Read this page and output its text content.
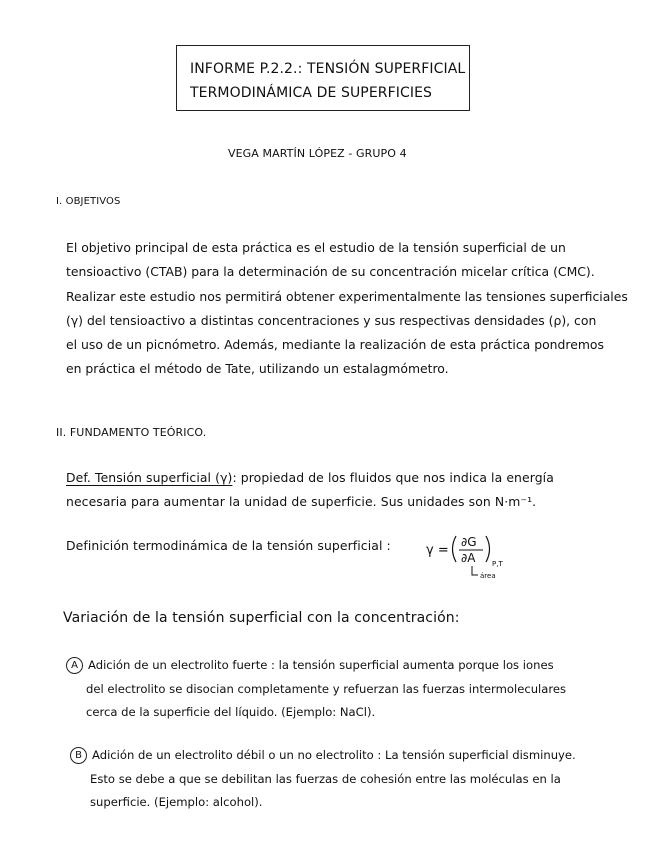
INFORME P.2.2.: TENSIÓN SUPERFICIAL
TERMODINÁMICA DE SUPERFICIES
VEGA MARTÍN LÓPEZ - GRUPO 4
I. OBJETIVOS
El objetivo principal de esta práctica es el estudio de la tensión superficial de un
tensioactivo (CTAB) para la determinación de su concentración micelar crítica (CMC).
Realizar este estudio nos permitirá obtener experimentalmente las tensiones superficiales
(γ) del tensioactivo a distintas concentraciones y sus respectivas densidades (ρ), con
el uso de un picnómetro. Además, mediante la realización de esta práctica pondremos
en práctica el método de Tate, utilizando un estalagmómetro.
II. FUNDAMENTO TEÓRICO.
Def. Tensión superficial (γ): propiedad de los fluidos que nos indica la energía
necesaria para aumentar la unidad de superficie. Sus unidades son N·m⁻¹.
Definición termodinámica de la tensión superficial :	γ =
∂G
∂A P,T
área
Variación de la tensión superficial con la concentración:
A Adición de un electrolito fuerte : la tensión superficial aumenta porque los iones
del electrolito se disocian completamente y refuerzan las fuerzas intermoleculares
cerca de la superficie del líquido. (Ejemplo: NaCl).
B Adición de un electrolito débil o un no electrolito : La tensión superficial disminuye.
Esto se debe a que se debilitan las fuerzas de cohesión entre las moléculas en la
superficie. (Ejemplo: alcohol).
